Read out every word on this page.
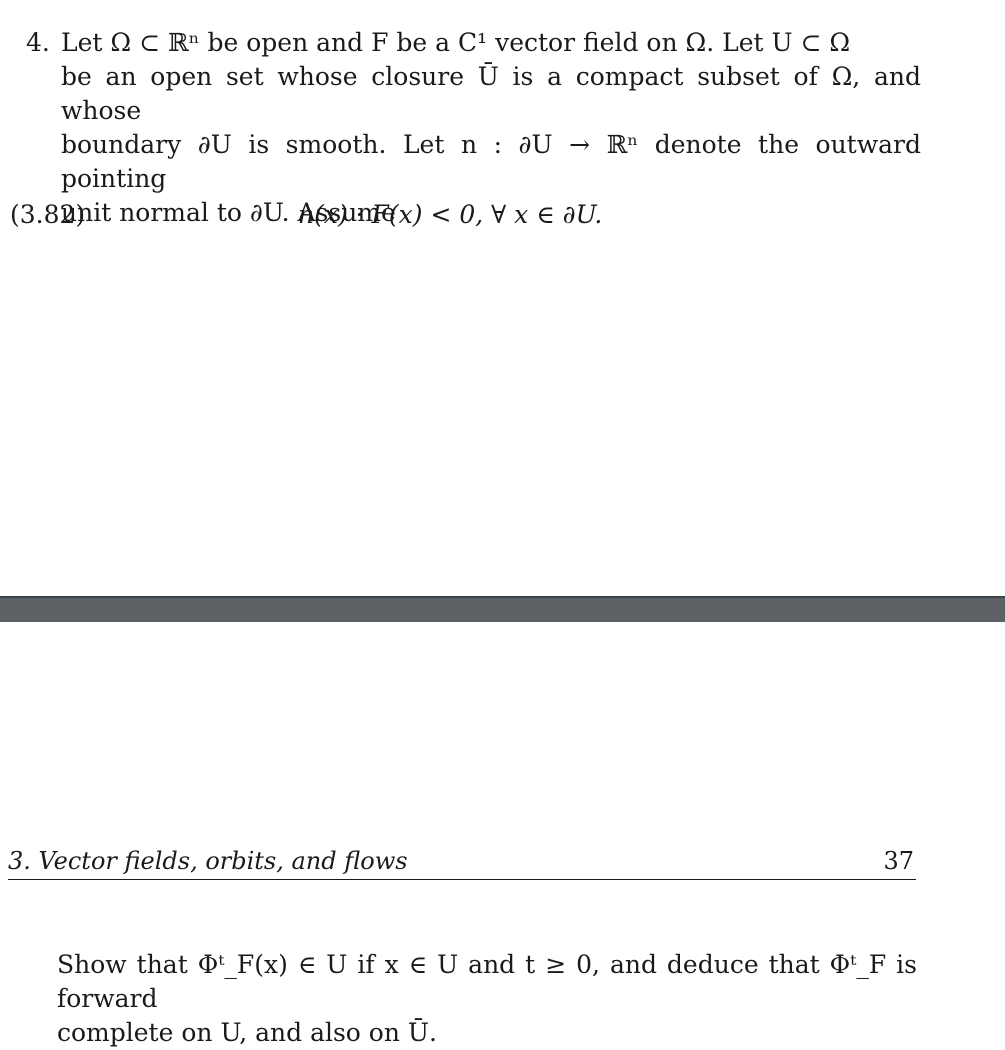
4. Let Ω ⊂ ℝⁿ be open and F be a C¹ vector field on Ω. Let U ⊂ Ω
be an open set whose closure Ū is a compact subset of Ω, and whose
boundary ∂U is smooth. Let n : ∂U → ℝⁿ denote the outward pointing
unit normal to ∂U. Assume
(3.82)	n(x) · F(x) < 0, ∀ x ∈ ∂U.
3. Vector fields, orbits, and flows	37
Show that Φᵗ_F(x) ∈ U if x ∈ U and t ≥ 0, and deduce that Φᵗ_F is forward
complete on U, and also on Ū.
